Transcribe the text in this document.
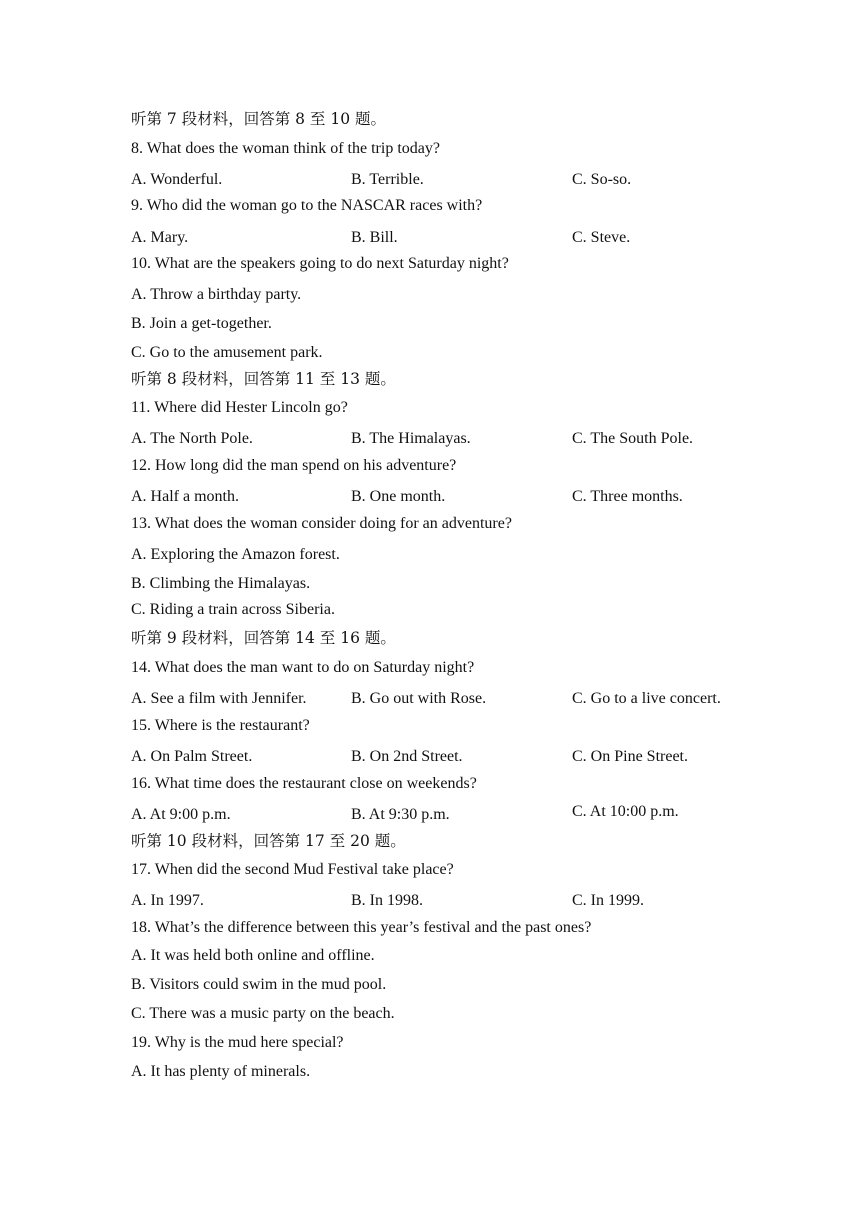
听第 7 段材料，回答第 8 至 10 题。
8. What does the woman think of the trip today?
A. Wonderful.	B. Terrible.	C. So-so.
9. Who did the woman go to the NASCAR races with?
A. Mary.	B. Bill.	C. Steve.
10. What are the speakers going to do next Saturday night?
A. Throw a birthday party.
B. Join a get-together.
C. Go to the amusement park.
听第 8 段材料，回答第 11 至 13 题。
11. Where did Hester Lincoln go?
A. The North Pole.	B. The Himalayas.	C. The South Pole.
12. How long did the man spend on his adventure?
A. Half a month.	B. One month.	C. Three months.
13. What does the woman consider doing for an adventure?
A. Exploring the Amazon forest.
B. Climbing the Himalayas.
C. Riding a train across Siberia.
听第 9 段材料，回答第 14 至 16 题。
14. What does the man want to do on Saturday night?
A. See a film with Jennifer.	B. Go out with Rose.	C. Go to a live concert.
15. Where is the restaurant?
A. On Palm Street.	B. On 2nd Street.	C. On Pine Street.
16. What time does the restaurant close on weekends?
A. At 9:00 p.m.	B. At 9:30 p.m.	C. At 10:00 p.m.
听第 10 段材料，回答第 17 至 20 题。
17. When did the second Mud Festival take place?
A. In 1997.	B. In 1998.	C. In 1999.
18. What’s the difference between this year’s festival and the past ones?
A. It was held both online and offline.
B. Visitors could swim in the mud pool.
C. There was a music party on the beach.
19. Why is the mud here special?
A. It has plenty of minerals.
